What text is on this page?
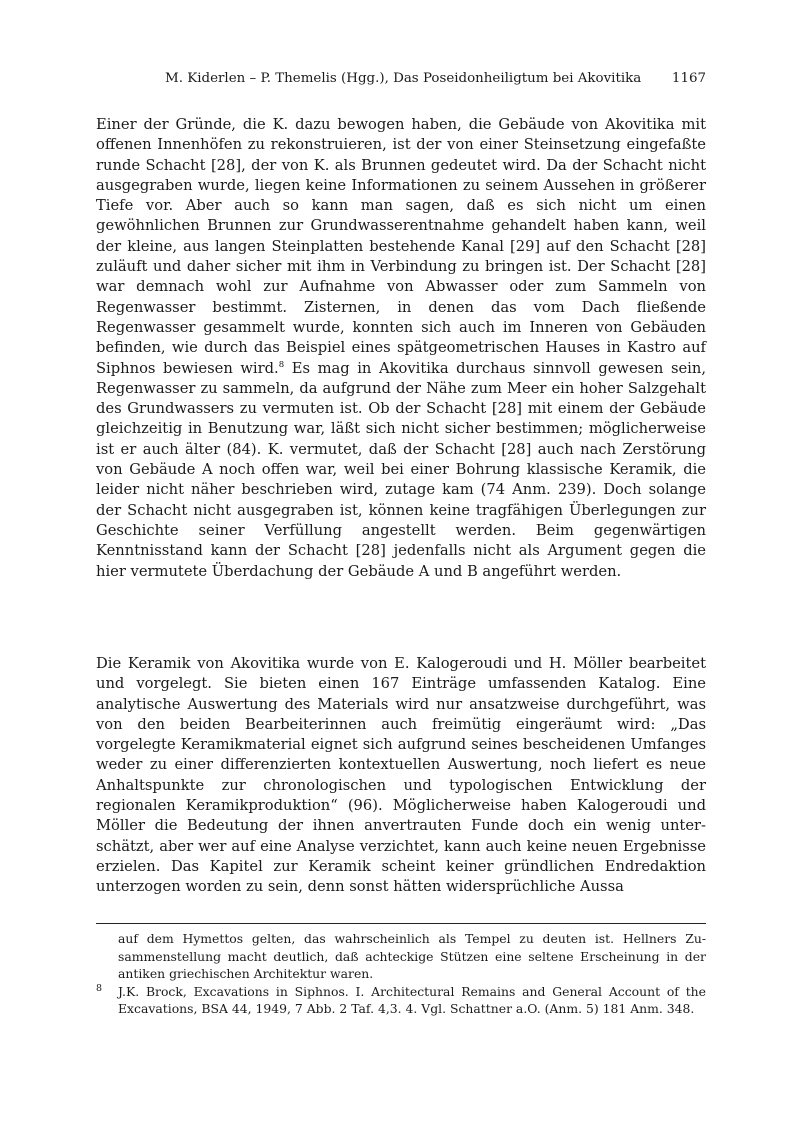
M. Kiderlen – P. Themelis (Hgg.), Das Poseidonheiligtum bei Akovitika 1167

Einer der Gründe, die K. dazu bewogen haben, die Gebäude von Akovitika mit offenen Innenhöfen zu rekonstruieren, ist der von einer Steinsetzung eingefaßte runde Schacht [28], der von K. als Brunnen gedeutet wird. Da der Schacht nicht ausgegraben wurde, liegen keine Informationen zu seinem Aussehen in größerer Tiefe vor. Aber auch so kann man sagen, daß es sich nicht um einen gewöhnlichen Brunnen zur Grundwasserentnahme gehandelt haben kann, weil der kleine, aus langen Steinplatten bestehende Kanal [29] auf den Schacht [28] zuläuft und daher sicher mit ihm in Verbindung zu bringen ist. Der Schacht [28] war demnach wohl zur Aufnahme von Abwasser oder zum Sammeln von Regenwasser bestimmt. Zisternen, in denen das vom Dach fließende Regenwasser gesammelt wurde, konnten sich auch im Inneren von Gebäuden befinden, wie durch das Beispiel eines spätgeometrischen Hauses in Kastro auf Siphnos bewiesen wird.$^8$ Es mag in Akovitika durchaus sinnvoll gewesen sein, Regenwasser zu sammeln, da aufgrund der Nähe zum Meer ein hoher Salzgehalt des Grundwassers zu vermuten ist. Ob der Schacht [28] mit einem der Gebäude gleichzeitig in Benutzung war, läßt sich nicht sicher bestimmen; möglicherweise ist er auch älter (84). K. vermutet, daß der Schacht [28] auch nach Zerstörung von Gebäude A noch offen war, weil bei einer Bohrung klassische Keramik, die leider nicht näher beschrieben wird, zutage kam (74 Anm. 239). Doch solange der Schacht nicht ausgegraben ist, können keine tragfähigen Überlegungen zur Geschichte seiner Verfüllung angestellt werden. Beim gegenwärtigen Kenntnisstand kann der Schacht [28] jedenfalls nicht als Argument gegen die hier vermutete Überdachung der Gebäude A und B angeführt werden.

Die Keramik von Akovitika wurde von E. Kalogeroudi und H. Möller bearbeitet und vorgelegt. Sie bieten einen 167 Einträge umfassenden Katalog. Eine analytische Auswertung des Materials wird nur ansatzweise durchgeführt, was von den beiden Bearbeiterinnen auch freimütig eingeräumt wird: „Das vorgelegte Keramikmaterial eignet sich aufgrund seines bescheidenen Umfanges weder zu einer differenzierten kontextuellen Auswertung, noch liefert es neue Anhaltspunkte zur chronologischen und typologischen Entwicklung der regionalen Keramikproduktion“ (96). Möglicherweise haben Kalogeroudi und Möller die Bedeutung der ihnen anvertrauten Funde doch ein wenig unterschätzt, aber wer auf eine Analyse verzichtet, kann auch keine neuen Ergebnisse erzielen. Das Kapitel zur Keramik scheint keiner gründlichen Endredaktion unterzogen worden zu sein, denn sonst hätten widersprüchliche Aussa

auf dem Hymettos gelten, das wahrscheinlich als Tempel zu deuten ist. Hellners Zusammenstellung macht deutlich, daß achteckige Stützen eine seltene Erscheinung in der antiken griechischen Architektur waren.

8	J.K. Brock, Excavations in Siphnos. I. Architectural Remains and General Account of the Excavations, BSA 44, 1949, 7 Abb. 2 Taf. 4,3. 4. Vgl. Schattner a.O. (Anm. 5) 181 Anm. 348.
